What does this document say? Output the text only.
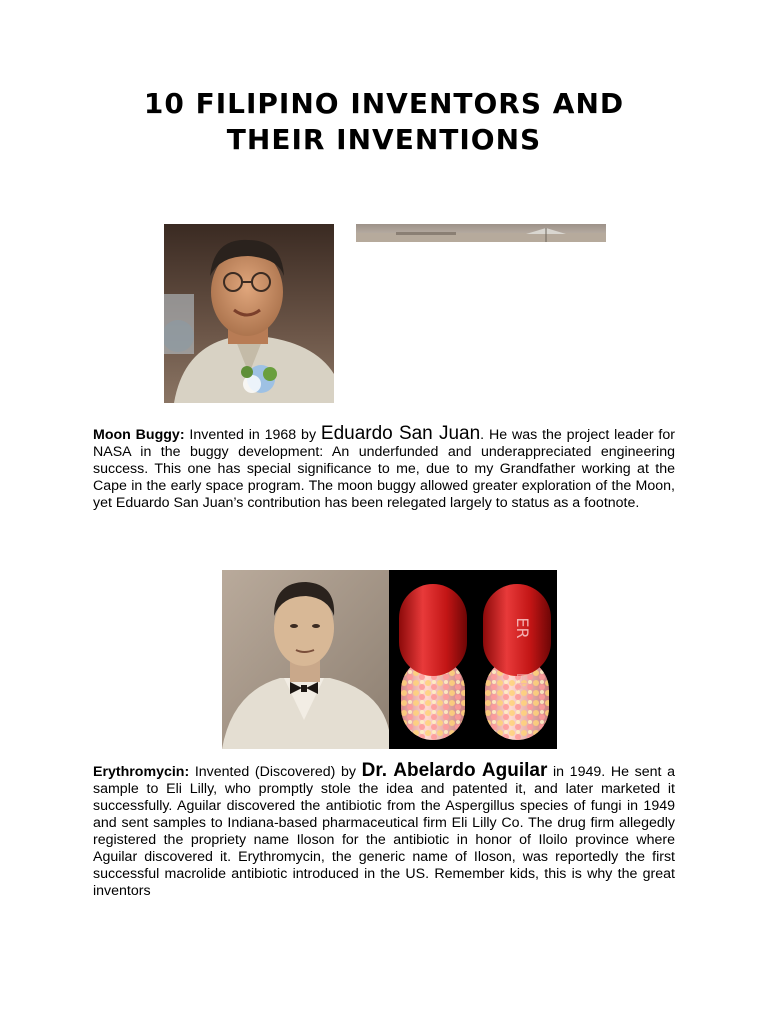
10 FILIPINO INVENTORS AND
THEIR INVENTIONS
Moon Buggy: Invented in 1968 by Eduardo San Juan. He was the project leader for NASA in the buggy development: An underfunded and underappreciated engineering success. This one has special significance to me, due to my Grandfather working at the Cape in the early space program. The moon buggy allowed greater exploration of the Moon, yet Eduardo San Juan’s contribution has been relegated largely to status as a footnote.
ER
ER
Erythromycin: Invented (Discovered) by Dr. Abelardo Aguilar in 1949. He sent a sample to Eli Lilly, who promptly stole the idea and patented it, and later marketed it successfully. Aguilar discovered the antibiotic from the Aspergillus species of fungi in 1949 and sent samples to Indiana-based pharmaceutical firm Eli Lilly Co. The drug firm allegedly registered the propriety name Iloson for the antibiotic in honor of Iloilo province where Aguilar discovered it. Erythromycin, the generic name of Iloson, was reportedly the first successful macrolide antibiotic introduced in the US. Remember kids, this is why the great inventors
